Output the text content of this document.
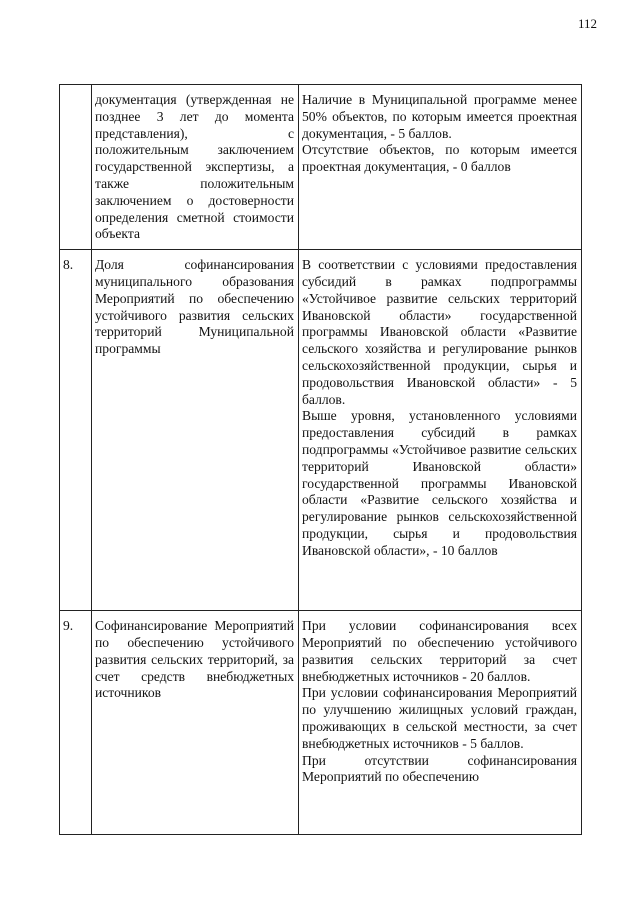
112
	документация (утвержденная не позднее 3 лет до момента представления), с положительным заключением государственной экспертизы, а также положительным заключением о достоверности определения сметной стоимости объекта	Наличие в Муниципальной программе менее 50% объектов, по которым имеется проектная документация, - 5 баллов.
Отсутствие объектов, по которым имеется проектная документация, - 0 баллов

8.	Доля софинансирования муниципального образования Мероприятий по обеспечению устойчивого развития сельских территорий Муниципальной программы	В соответствии с условиями предоставления субсидий в рамках подпрограммы «Устойчивое развитие сельских территорий Ивановской области» государственной программы Ивановской области «Развитие сельского хозяйства и регулирование рынков сельскохозяйственной продукции, сырья и продовольствия Ивановской области» - 5 баллов.
Выше уровня, установленного условиями предоставления субсидий в рамках подпрограммы «Устойчивое развитие сельских территорий Ивановской области» государственной программы Ивановской области «Развитие сельского хозяйства и регулирование рынков сельскохозяйственной продукции, сырья и продовольствия Ивановской области», - 10 баллов

9.	Софинансирование Мероприятий по обеспечению устойчивого развития сельских территорий, за счет средств внебюджетных источников	При условии софинансирования всех Мероприятий по обеспечению устойчивого развития сельских территорий за счет внебюджетных источников - 20 баллов.
При условии софинансирования Мероприятий по улучшению жилищных условий граждан, проживающих в сельской местности, за счет внебюджетных источников - 5 баллов.
При отсутствии софинансирования Мероприятий по обеспечению
